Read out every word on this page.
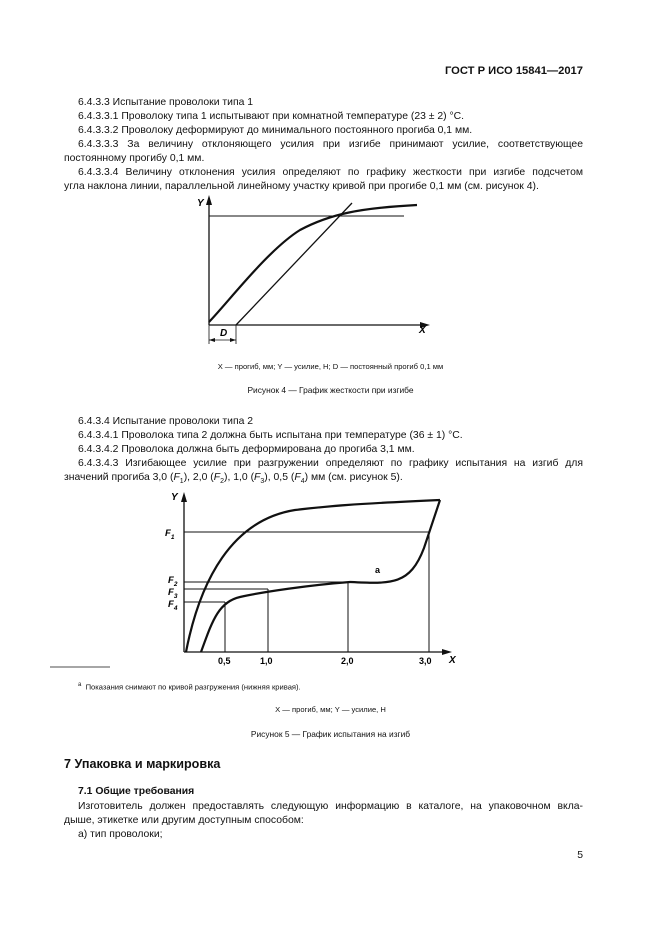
ГОСТ Р ИСО 15841—2017
6.4.3.3 Испытание проволоки типа 1
6.4.3.3.1 Проволоку типа 1 испытывают при комнатной температуре (23 ± 2) °С.
6.4.3.3.2 Проволоку деформируют до минимального постоянного прогиба 0,1 мм.
6.4.3.3.3 За величину отклоняющего усилия при изгибе принимают усилие, соответствующее
постоянному прогибу 0,1 мм.
6.4.3.3.4 Величину отклонения усилия определяют по графику жесткости при изгибе подсчетом
угла наклона линии, параллельной линейному участку кривой при прогибе 0,1 мм (см. рисунок 4).
Y
X
D
X — прогиб, мм; Y — усилие, Н; D — постоянный прогиб 0,1 мм
Рисунок 4 — График жесткости при изгибе
6.4.3.4 Испытание проволоки типа 2
6.4.3.4.1 Проволока типа 2 должна быть испытана при температуре (36 ± 1) °С.
6.4.3.4.2 Проволока должна быть деформирована до прогиба 3,1 мм.
6.4.3.4.3 Изгибающее усилие при разгружении определяют по графику испытания на изгиб для
значений прогиба 3,0 $(F_1)$, 2,0 $(F_2)$, 1,0 $(F_3)$, 0,5 $(F_4)$ мм (см. рисунок 5).
Y
X
F1
F2
F3
F4
0,5	1,0	2,0	3,0
a
$^a$ Показания снимают по кривой разгружения (нижняя кривая).
X — прогиб, мм; Y — усилие, Н
Рисунок 5 — График испытания на изгиб
7 Упаковка и маркировка
7.1 Общие требования
Изготовитель должен предоставлять следующую информацию в каталоге, на упаковочном вкла-
дыше, этикетке или другим доступным способом:
а) тип проволоки;
5
